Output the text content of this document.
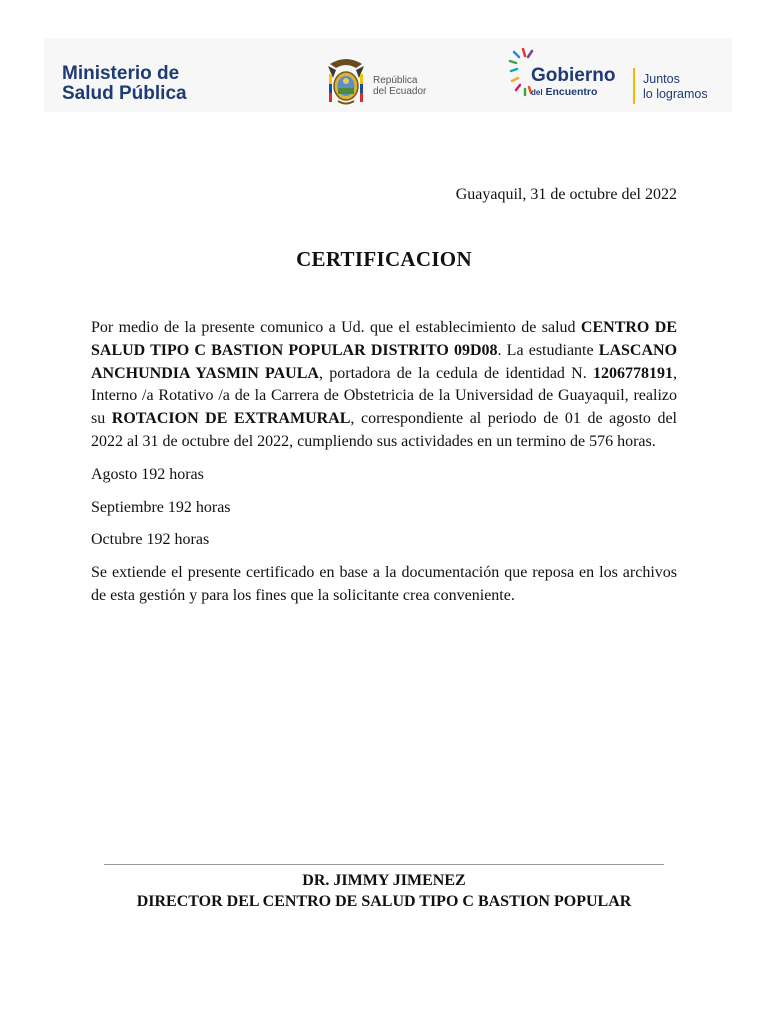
Ministerio de
Salud Pública
República
del Ecuador
Gobierno
del Encuentro
Juntos
lo logramos
Guayaquil, 31 de octubre del 2022
CERTIFICACION

Por medio de la presente comunico a Ud. que el establecimiento de salud CENTRO DE SALUD TIPO C BASTION POPULAR DISTRITO 09D08. La estudiante LASCANO ANCHUNDIA YASMIN PAULA, portadora de la cedula de identidad N. 1206778191, Interno /a Rotativo /a de la Carrera de Obstetricia de la Universidad de Guayaquil, realizo su ROTACION DE EXTRAMURAL, correspondiente al periodo de 01 de agosto del 2022 al 31 de octubre del 2022, cumpliendo sus actividades en un termino de 576 horas.

Agosto 192 horas

Septiembre 192 horas

Octubre 192 horas

Se extiende el presente certificado en base a la documentación que reposa en los archivos de esta gestión y para los fines que la solicitante crea conveniente.

DR. JIMMY JIMENEZ
DIRECTOR DEL CENTRO DE SALUD TIPO C BASTION POPULAR
